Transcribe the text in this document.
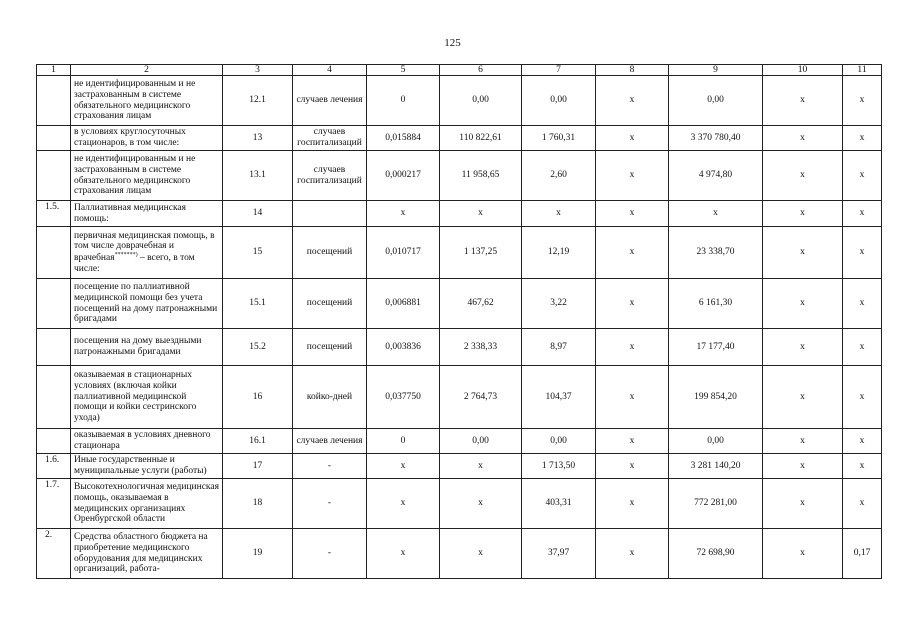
125
1	2	3	4	5	6	7	8	9	10	11
	не идентифицированным и не застрахованным в системе обязательного медицинского страхования лицам	12.1	случаев лечения	0	0,00	0,00	x	0,00	x	x
	в условиях круглосуточных стационаров, в том числе:	13	случаев госпитализаций	0,015884	110 822,61	1 760,31	x	3 370 780,40	x	x
	не идентифицированным и не застрахованным в системе обязательного медицинского страхования лицам	13.1	случаев госпитализаций	0,000217	11 958,65	2,60	x	4 974,80	x	x
1.5.	Паллиативная медицинская помощь:	14		x	x	x	x	x	x	x
	первичная медицинская помощь, в том числе доврачебная и врачебная*******) – всего, в том числе:	15	посещений	0,010717	1 137,25	12,19	x	23 338,70	x	x
	посещение по паллиативной медицинской помощи без учета посещений на дому патронажными бригадами	15.1	посещений	0,006881	467,62	3,22	x	6 161,30	x	x
	посещения на дому выездными патронажными бригадами	15.2	посещений	0,003836	2 338,33	8,97	x	17 177,40	x	x
	оказываемая в стационарных условиях (включая койки паллиативной медицинской помощи и койки сестринского ухода)	16	койко-дней	0,037750	2 764,73	104,37	x	199 854,20	x	x
	оказываемая в условиях дневного стационара	16.1	случаев лечения	0	0,00	0,00	x	0,00	x	x
1.6.	Иные государственные и муниципальные услуги (работы)	17	-	x	x	1 713,50	x	3 281 140,20	x	x
1.7.	Высокотехнологичная медицинская помощь, оказываемая в медицинских организациях Оренбургской области	18	-	x	x	403,31	x	772 281,00	x	x
2.	Средства областного бюджета на приобретение медицинского оборудования для медицинских организаций, работа-	19	-	x	x	37,97	x	72 698,90	x	0,17
